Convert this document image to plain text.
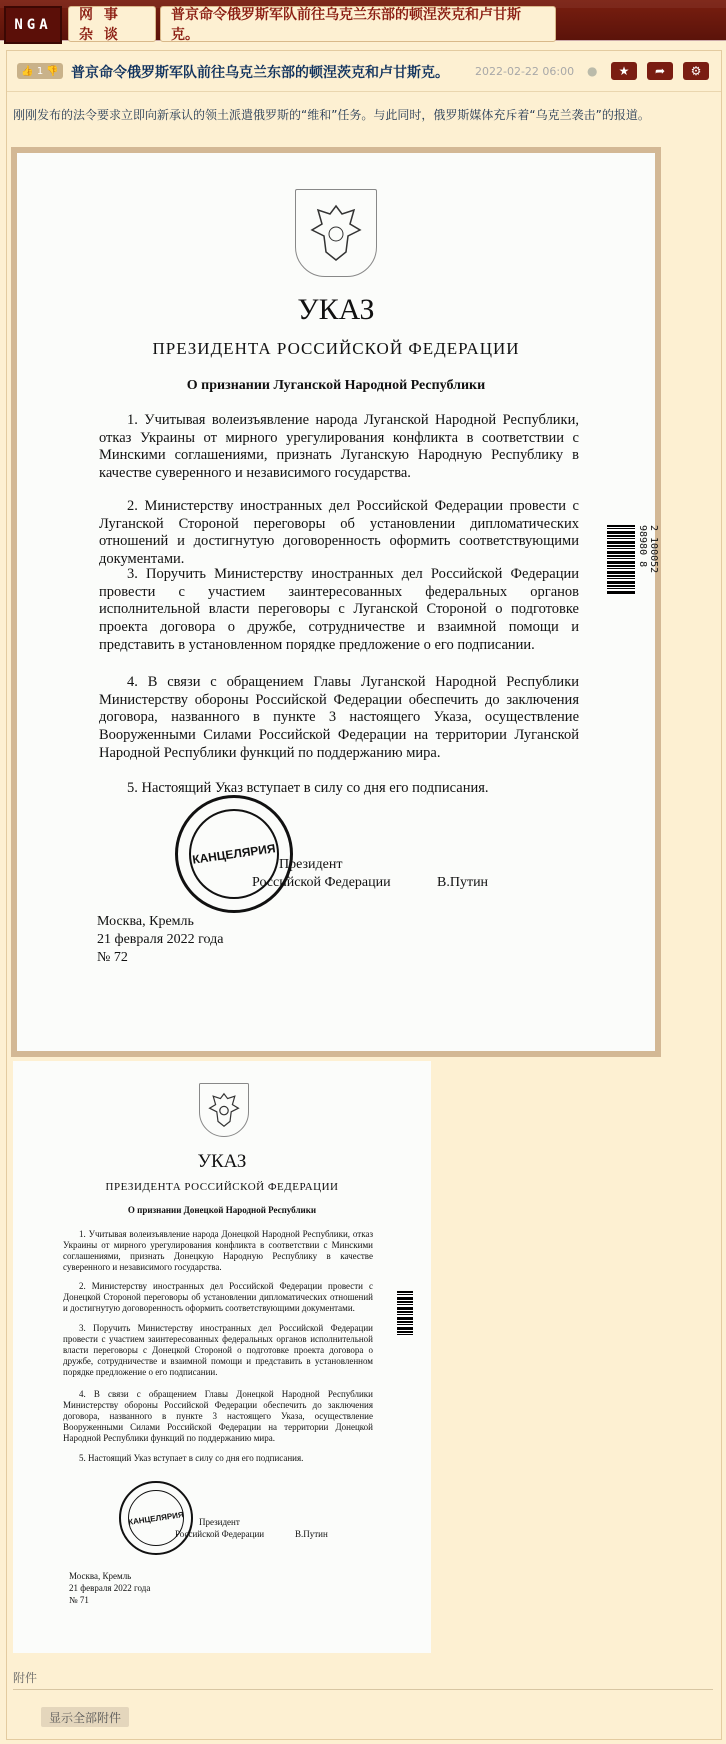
NGA
网 事 杂 谈
普京命令俄罗斯军队前往乌克兰东部的顿涅茨克和卢甘斯克。
👍 1 👎 普京命令俄罗斯军队前往乌克兰东部的顿涅茨克和卢甘斯克。 2022-02-22 06:00 ● ★ ➦ ⚙
刚刚发布的法令要求立即向新承认的领土派遣俄罗斯的“维和”任务。与此同时，俄罗斯媒体充斥着“乌克兰袭击”的报道。
УКАЗ
ПРЕЗИДЕНТА РОССИЙСКОЙ ФЕДЕРАЦИИ
О признании Луганской Народной Республики
1. Учитывая волеизъявление народа Луганской Народной Республики, отказ Украины от мирного урегулирования конфликта в соответствии с Минскими соглашениями, признать Луганскую Народную Республику в качестве суверенного и независимого государства.
2. Министерству иностранных дел Российской Федерации провести с Луганской Стороной переговоры об установлении дипломатических отношений и достигнутую договоренность оформить соответствующими документами.
3. Поручить Министерству иностранных дел Российской Федерации провести с участием заинтересованных федеральных органов исполнительной власти переговоры с Луганской Стороной о подготовке проекта договора о дружбе, сотрудничестве и взаимной помощи и представить в установленном порядке предложение о его подписании.
4. В связи с обращением Главы Луганской Народной Республики Министерству обороны Российской Федерации обеспечить до заключения договора, названного в пункте 3 настоящего Указа, осуществление Вооруженными Силами Российской Федерации на территории Луганской Народной Республики функций по поддержанию мира.
5. Настоящий Указ вступает в силу со дня его подписания.
2 100052 98980 8
КАНЦЕЛЯРИЯ Президент
Российской Федерации	В.Путин
Москва, Кремль
21 февраля 2022 года
№ 72
УКАЗ
ПРЕЗИДЕНТА РОССИЙСКОЙ ФЕДЕРАЦИИ
О признании Донецкой Народной Республики
1. Учитывая волеизъявление народа Донецкой Народной Республики, отказ Украины от мирного урегулирования конфликта в соответствии с Минскими соглашениями, признать Донецкую Народную Республику в качестве суверенного и независимого государства.
2. Министерству иностранных дел Российской Федерации провести с Донецкой Стороной переговоры об установлении дипломатических отношений и достигнутую договоренность оформить соответствующими документами.
3. Поручить Министерству иностранных дел Российской Федерации провести с участием заинтересованных федеральных органов исполнительной власти переговоры с Донецкой Стороной о подготовке проекта договора о дружбе, сотрудничестве и взаимной помощи и представить в установленном порядке предложение о его подписании.
4. В связи с обращением Главы Донецкой Народной Республики Министерству обороны Российской Федерации обеспечить до заключения договора, названного в пункте 3 настоящего Указа, осуществление Вооруженными Силами Российской Федерации на территории Донецкой Народной Республики функций по поддержанию мира.
5. Настоящий Указ вступает в силу со дня его подписания.
КАНЦЕЛЯРИЯ Президент
Российской Федерации	В.Путин
Москва, Кремль
21 февраля 2022 года
№ 71
附件
显示全部附件
